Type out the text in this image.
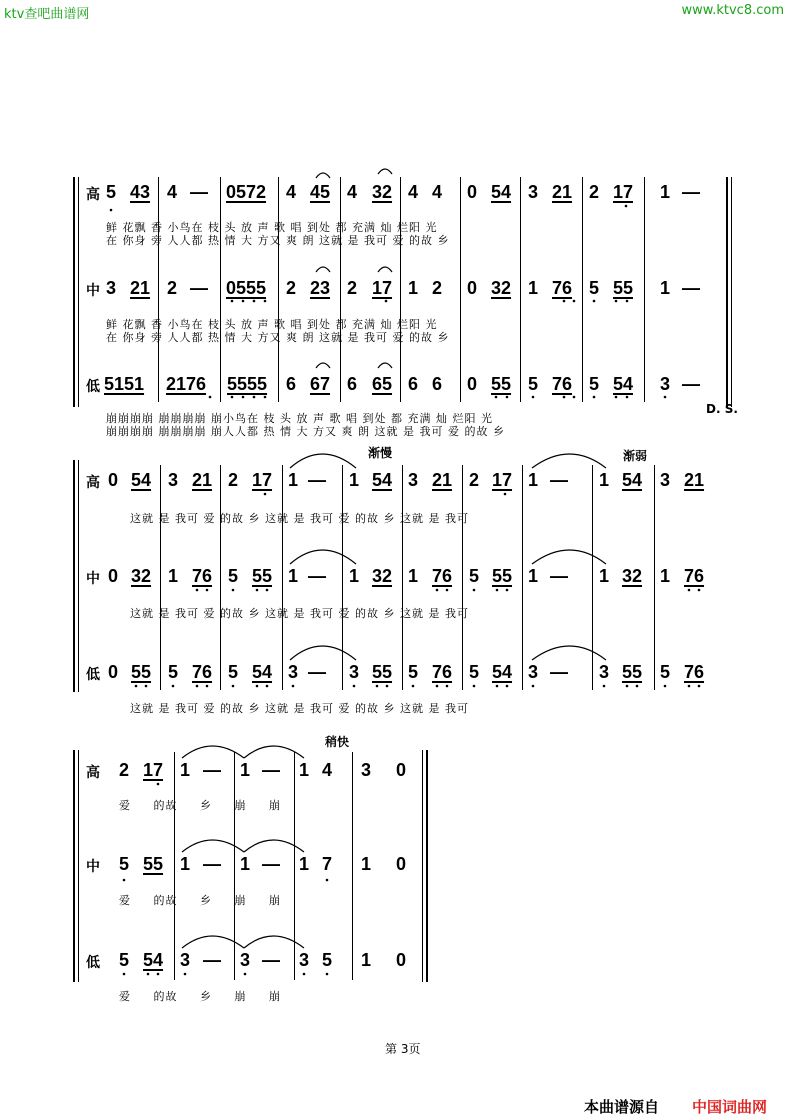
ktv查吧曲谱网	www.ktvc8.com
高
中
低
5 43 4 — 0572 4 45 4 32 4 4 0 54 3 21 2 17 1 —
鲜 花飘 香 小鸟在 枝 头 放 声 歌 唱 到处 都 充满 灿 烂阳 光
在 你身 旁 人人都 热 情 大 方又 爽 朗 这就 是 我可 爱 的故 乡
3 21 2 — 0555 2 23 2 17 1 2 0 32 1 76 5 55 1 —
鲜 花飘 香 小鸟在 枝 头 放 声 歌 唱 到处 都 充满 灿 烂阳 光
在 你身 旁 人人都 热 情 大 方又 爽 朗 这就 是 我可 爱 的故 乡
5151 2176 5555 6 67 6 65 6 6 0 55 5 76 5 54 3 —
D. S.
崩崩崩崩 崩崩崩崩 崩小鸟在 枝 头 放 声 歌 唱 到处 都 充满 灿 烂阳 光
崩崩崩崩 崩崩崩崩 崩人人都 热 情 大 方又 爽 朗 这就 是 我可 爱 的故 乡
渐慢	渐弱
高
中
低
0 54 3 21 2 17 1 — 1 54 3 21 2 17 1 — 1 54 3 21
这就 是 我可 爱 的故 乡 这就 是 我可 爱 的故 乡 这就 是 我可
0 32 1 76 5 55 1 — 1 32 1 76 5 55 1 — 1 32 1 76
这就 是 我可 爱 的故 乡 这就 是 我可 爱 的故 乡 这就 是 我可
0 55 5 76 5 54 3 — 3 55 5 76 5 54 3 — 3 55 5 76
这就 是 我可 爱 的故 乡 这就 是 我可 爱 的故 乡 这就 是 我可
稍快
高
中
低
2 17 1 — 1 — 1 4 3 0
爱 的故 乡 崩 崩
5 55 1 — 1 — 1 7 1 0
爱 的故 乡 崩 崩
5 54 3 — 3 — 3 5 1 0
爱 的故 乡 崩 崩
第 3页
本曲谱源自 中国词曲网
